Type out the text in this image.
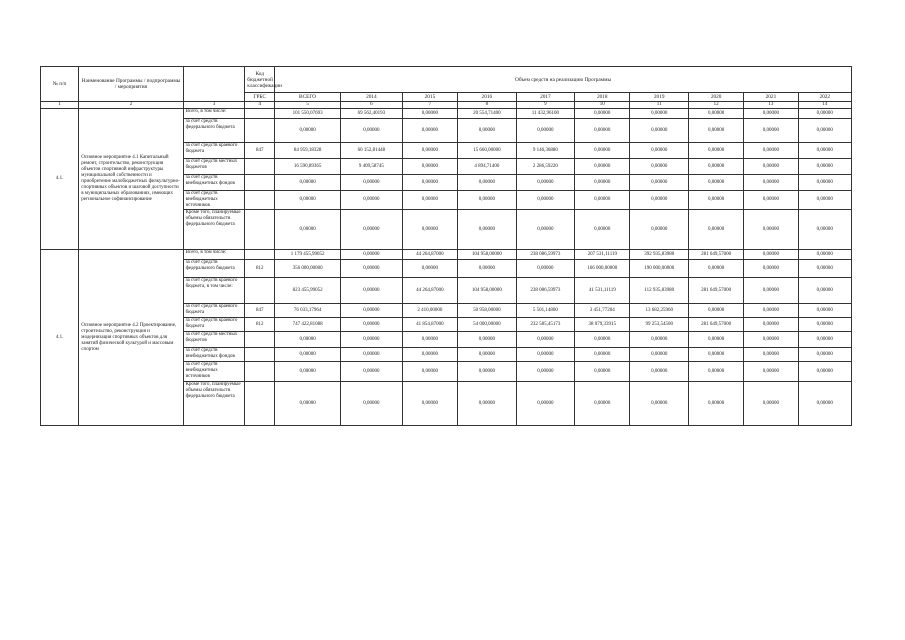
№ п/п	Наименование Программы / подпрограммы / мероприятия		Код бюджетной классификации	Объем средств на реализацию Программы									
			ГРБС	ВСЕГО	2014	2015	2016	2017	2018	2019	2020	2021	2022
1	2	3	4	5	6	7	8	9	10	11	12	13	14
4.1.	Основное мероприятие 4.1 Капитальный ремонт, строительство, реконструкция объектов спортивной инфраструктуры муниципальной собственности и приобретение малобюджетных физкультурно-спортивных объектов и шаговой доступности в муниципальных образованиях, имеющих региональное софинансирование	Всего, в том числе:		101 550,07693	69 562,40193	0,00000	20 554,71400	11 432,96100	0,00000	0,00000	0,00000	0,00000	0,00000
		за счет средств федерального бюджета		0,00000	0,00000	0,00000	0,00000	0,00000	0,00000	0,00000	0,00000	0,00000	0,00000
		за счет средств краевого бюджета	847	84 959,18328	60 152,81448	0,00000	15 660,00000	9 146,36880	0,00000	0,00000	0,00000	0,00000	0,00000
		за счет средств местных бюджетов		16 590,89365	9 409,58745	0,00000	4 894,71400	2 286,59220	0,00000	0,00000	0,00000	0,00000	0,00000
		за счет средств внебюджетных фондов		0,00000	0,00000	0,00000	0,00000	0,00000	0,00000	0,00000	0,00000	0,00000	0,00000
		за счет средств внебюджетных источников		0,00000	0,00000	0,00000	0,00000	0,00000	0,00000	0,00000	0,00000	0,00000	0,00000
		Кроме того, планируемые объемы обязательств федерального бюджета		0,00000	0,00000	0,00000	0,00000	0,00000	0,00000	0,00000	0,00000	0,00000	0,00000
4.1.	Основное мероприятие 4.2 Проектирование, строительство, реконструкция и модернизация спортивных объектов для занятий физической культурой и массовым спортом	Всего, в том числе:		1 179 455,99052	0,00000	44 264,87000	104 958,00000	238 086,59973	207 531,11119	392 935,83980	281 649,57000	0,00000	0,00000
		за счет средств федерального бюджета	812	356 000,00000	0,00000	0,00000	0,00000	0,00000	166 000,00000	190 000,00000	0,00000	0,00000	0,00000
		за счет средств краевого бюджета, в том числе:		823 455,99052	0,00000	44 264,87000	104 958,00000	238 086,59973	41 531,11119	112 935,83980	281 649,57000	0,00000	0,00000
		за счет средств краевого бюджета	847	76 033,17964	0,00000	2 410,00000	50 958,00000	5 501,14800	3 451,77204	13 682,25960	0,00000	0,00000	0,00000
		за счет средств краевого бюджета	812	747 422,81088	0,00000	41 854,87000	54 000,00000	232 585,45173	38 079,33915	99 253,54500	281 649,57000	0,00000	0,00000
		за счет средств местных бюджетов		0,00000	0,00000	0,00000	0,00000	0,00000	0,00000	0,00000	0,00000	0,00000	0,00000
		за счет средств внебюджетных фондов		0,00000	0,00000	0,00000	0,00000	0,00000	0,00000	0,00000	0,00000	0,00000	0,00000
		за счет средств внебюджетных источников		0,00000	0,00000	0,00000	0,00000	0,00000	0,00000	0,00000	0,00000	0,00000	0,00000
		Кроме того, планируемые объемы обязательств федерального бюджета		0,00000	0,00000	0,00000	0,00000	0,00000	0,00000	0,00000	0,00000	0,00000	0,00000
